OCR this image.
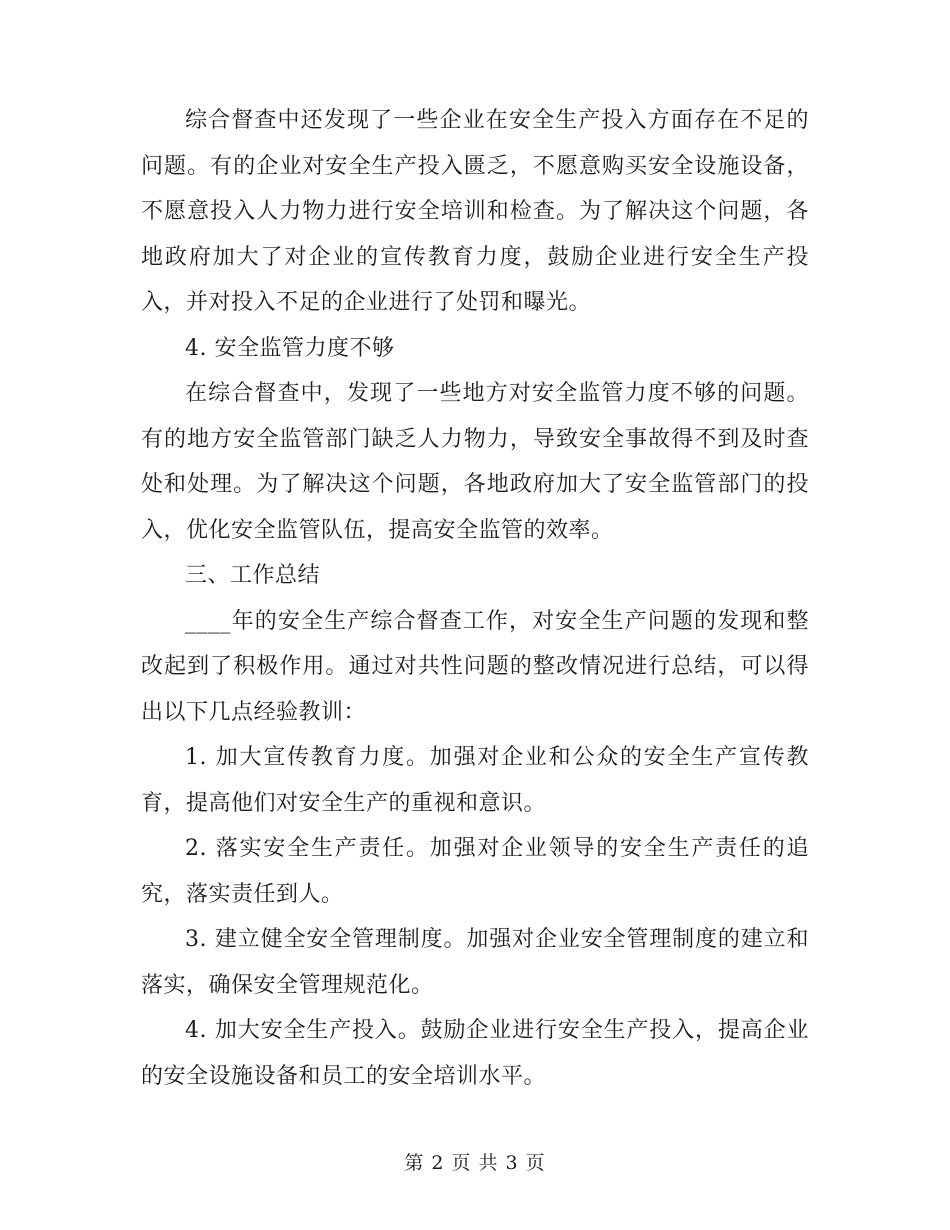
综合督查中还发现了一些企业在安全生产投入方面存在不足的问题。有的企业对安全生产投入匮乏，不愿意购买安全设施设备，不愿意投入人力物力进行安全培训和检查。为了解决这个问题，各地政府加大了对企业的宣传教育力度，鼓励企业进行安全生产投入，并对投入不足的企业进行了处罚和曝光。

4. 安全监管力度不够

在综合督查中，发现了一些地方对安全监管力度不够的问题。有的地方安全监管部门缺乏人力物力，导致安全事故得不到及时查处和处理。为了解决这个问题，各地政府加大了安全监管部门的投入，优化安全监管队伍，提高安全监管的效率。

三、工作总结

____年的安全生产综合督查工作，对安全生产问题的发现和整改起到了积极作用。通过对共性问题的整改情况进行总结，可以得出以下几点经验教训：

1. 加大宣传教育力度。加强对企业和公众的安全生产宣传教育，提高他们对安全生产的重视和意识。

2. 落实安全生产责任。加强对企业领导的安全生产责任的追究，落实责任到人。

3. 建立健全安全管理制度。加强对企业安全管理制度的建立和落实，确保安全管理规范化。

4. 加大安全生产投入。鼓励企业进行安全生产投入，提高企业的安全设施设备和员工的安全培训水平。

第 2 页 共 3 页
